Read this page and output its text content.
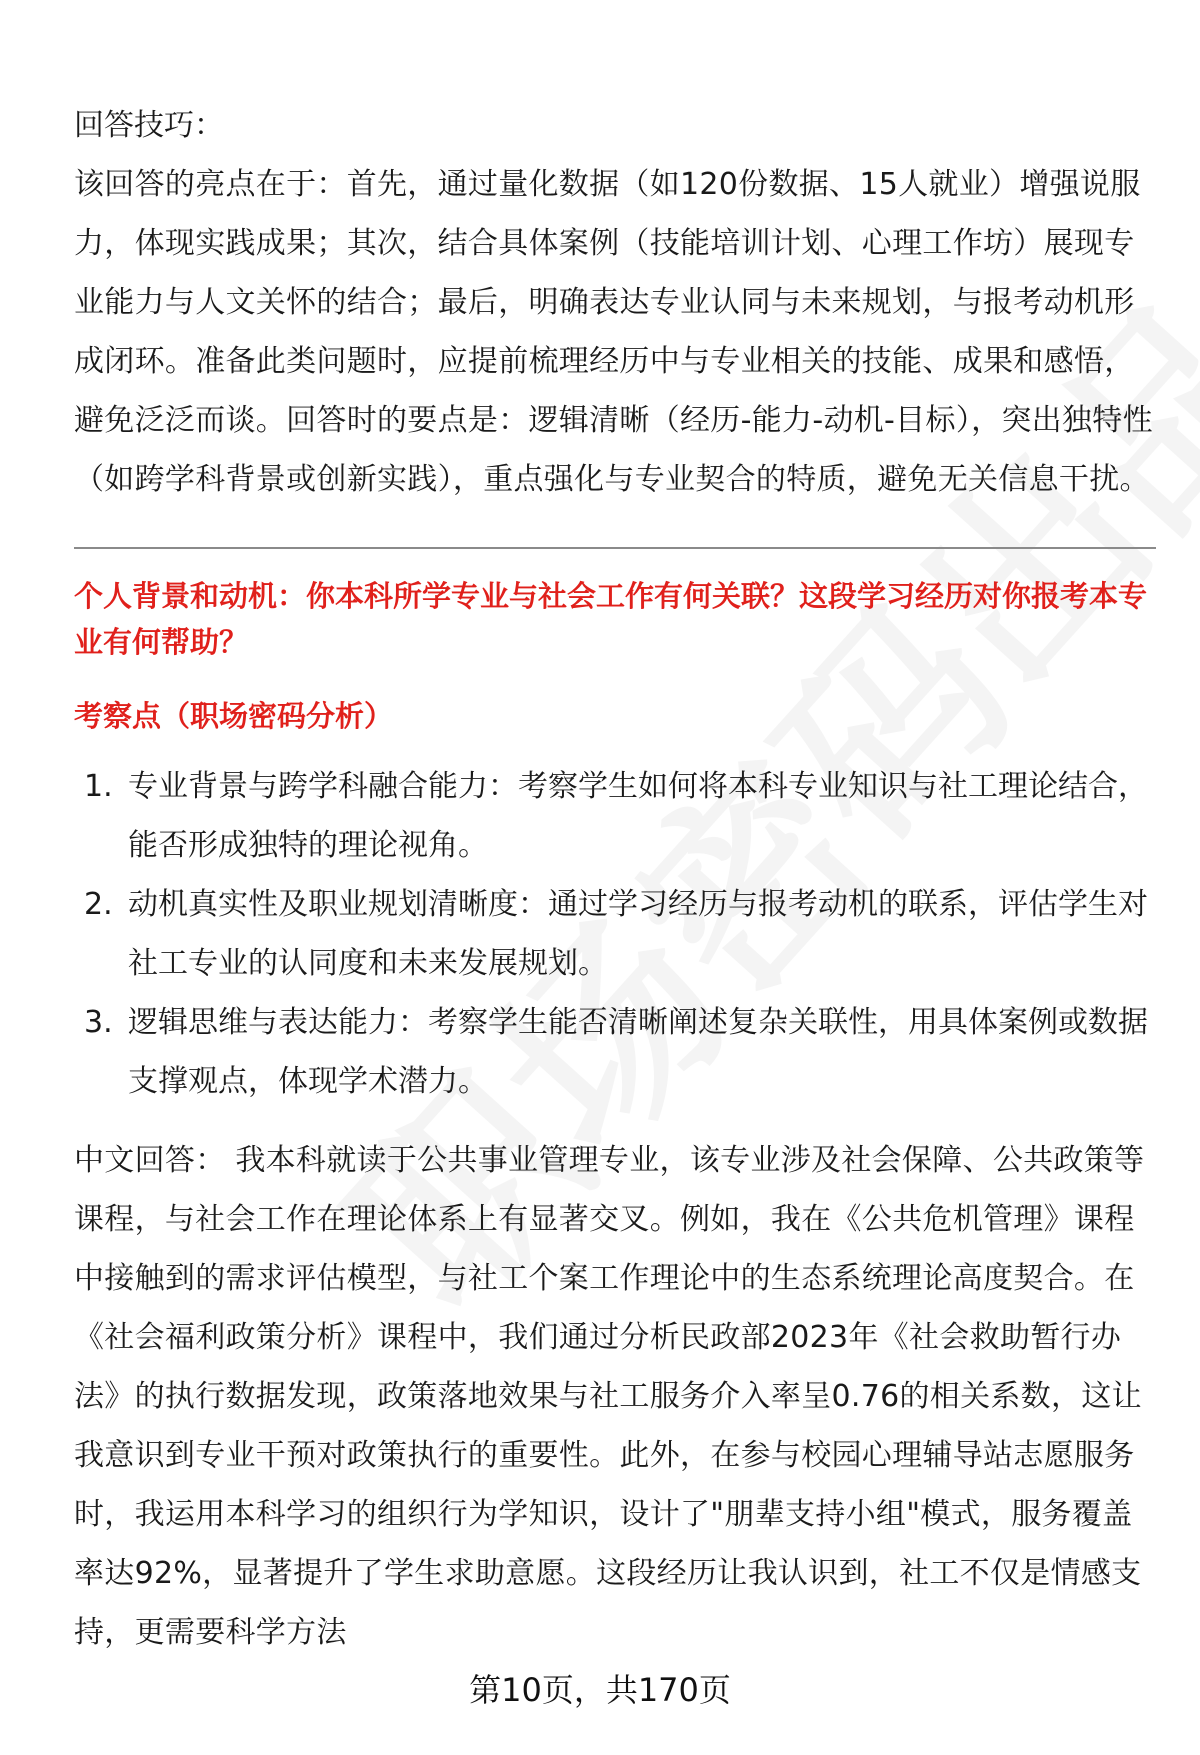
回答技巧：

该回答的亮点在于：首先，通过量化数据（如120份数据、15人就业）增强说服力，体现实践成果；其次，结合具体案例（技能培训计划、心理工作坊）展现专业能力与人文关怀的结合；最后，明确表达专业认同与未来规划，与报考动机形成闭环。准备此类问题时，应提前梳理经历中与专业相关的技能、成果和感悟，避免泛泛而谈。回答时的要点是：逻辑清晰（经历-能力-动机-目标），突出独特性（如跨学科背景或创新实践），重点强化与专业契合的特质，避免无关信息干扰。

个人背景和动机：你本科所学专业与社会工作有何关联？这段学习经历对你报考本专业有何帮助？

考察点（职场密码分析）

1. 专业背景与跨学科融合能力：考察学生如何将本科专业知识与社工理论结合，能否形成独特的理论视角。
2. 动机真实性及职业规划清晰度：通过学习经历与报考动机的联系，评估学生对社工专业的认同度和未来发展规划。
3. 逻辑思维与表达能力：考察学生能否清晰阐述复杂关联性，用具体案例或数据支撑观点，体现学术潜力。

中文回答： 我本科就读于公共事业管理专业，该专业涉及社会保障、公共政策等课程，与社会工作在理论体系上有显著交叉。例如，我在《公共危机管理》课程中接触到的需求评估模型，与社工个案工作理论中的生态系统理论高度契合。在《社会福利政策分析》课程中，我们通过分析民政部2023年《社会救助暂行办法》的执行数据发现，政策落地效果与社工服务介入率呈0.76的相关系数，这让我意识到专业干预对政策执行的重要性。此外，在参与校园心理辅导站志愿服务时，我运用本科学习的组织行为学知识，设计了"朋辈支持小组"模式，服务覆盖率达92%，显著提升了学生求助意愿。这段经历让我认识到，社工不仅是情感支持，更需要科学方法

第10页，共170页
